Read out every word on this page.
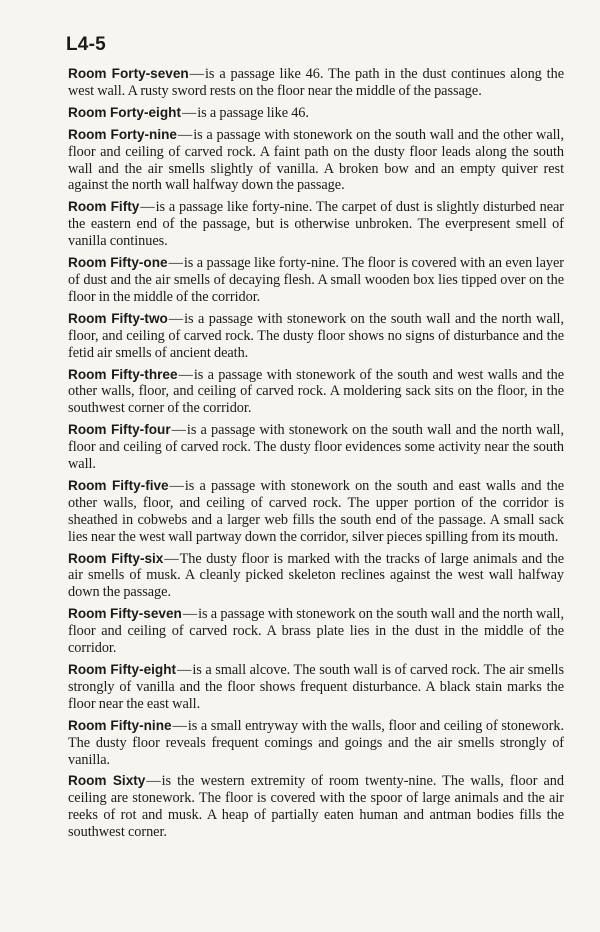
L4-5

Room Forty-seven—is a passage like 46. The path in the dust continues along the west wall. A rusty sword rests on the floor near the middle of the passage.

Room Forty-eight—is a passage like 46.

Room Forty-nine—is a passage with stonework on the south wall and the other wall, floor and ceiling of carved rock. A faint path on the dusty floor leads along the south wall and the air smells slightly of vanilla. A broken bow and an empty quiver rest against the north wall halfway down the passage.

Room Fifty—is a passage like forty-nine. The carpet of dust is slightly disturbed near the eastern end of the passage, but is otherwise unbroken. The everpresent smell of vanilla continues.

Room Fifty-one—is a passage like forty-nine. The floor is covered with an even layer of dust and the air smells of decaying flesh. A small wooden box lies tipped over on the floor in the middle of the corridor.

Room Fifty-two—is a passage with stonework on the south wall and the north wall, floor, and ceiling of carved rock. The dusty floor shows no signs of disturbance and the fetid air smells of ancient death.

Room Fifty-three—is a passage with stonework of the south and west walls and the other walls, floor, and ceiling of carved rock. A moldering sack sits on the floor, in the southwest corner of the corridor.

Room Fifty-four—is a passage with stonework on the south wall and the north wall, floor and ceiling of carved rock. The dusty floor evidences some activity near the south wall.

Room Fifty-five—is a passage with stonework on the south and east walls and the other walls, floor, and ceiling of carved rock. The upper portion of the corridor is sheathed in cobwebs and a larger web fills the south end of the passage. A small sack lies near the west wall partway down the corridor, silver pieces spilling from its mouth.

Room Fifty-six—The dusty floor is marked with the tracks of large animals and the air smells of musk. A cleanly picked skeleton reclines against the west wall halfway down the passage.

Room Fifty-seven—is a passage with stonework on the south wall and the north wall, floor and ceiling of carved rock. A brass plate lies in the dust in the middle of the corridor.

Room Fifty-eight—is a small alcove. The south wall is of carved rock. The air smells strongly of vanilla and the floor shows frequent disturbance. A black stain marks the floor near the east wall.

Room Fifty-nine—is a small entryway with the walls, floor and ceiling of stonework. The dusty floor reveals frequent comings and goings and the air smells strongly of vanilla.

Room Sixty—is the western extremity of room twenty-nine. The walls, floor and ceiling are stonework. The floor is covered with the spoor of large animals and the air reeks of rot and musk. A heap of partially eaten human and antman bodies fills the southwest corner.
